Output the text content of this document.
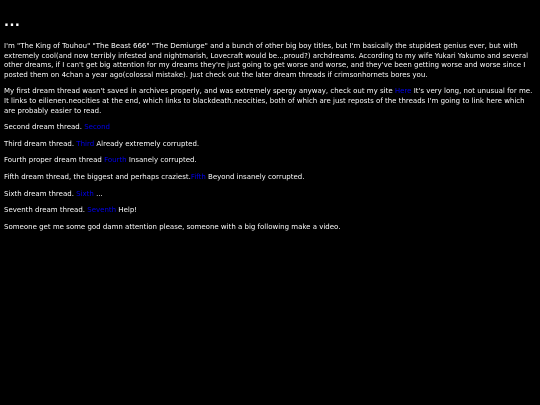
...

I'm "The King of Touhou" "The Beast 666" "The Demiurge" and a bunch of other big boy titles, but I'm basically the stupidest genius ever, but with extremely cool(and now terribly infested and nightmarish, Lovecraft would be...proud?) archdreams. According to my wife Yukari Yakumo and several other dreams, if I can't get big attention for my dreams they're just going to get worse and worse, and they've been getting worse and worse since I posted them on 4chan a year ago(colossal mistake). Just check out the later dream threads if crimsonhornets bores you.

My first dream thread wasn't saved in archives properly, and was extremely spergy anyway, check out my site Here It's very long, not unusual for me. It links to eilienen.neocities at the end, which links to blackdeath.neocities, both of which are just reposts of the threads I'm going to link here which are probably easier to read.

Second dream thread. Second

Third dream thread. Third Already extremely corrupted.

Fourth proper dream thread Fourth Insanely corrupted.

Fifth dream thread, the biggest and perhaps craziest.Fifth Beyond insanely corrupted.

Sixth dream thread. Sixth ...

Seventh dream thread. Seventh Help!

Someone get me some god damn attention please, someone with a big following make a video.
